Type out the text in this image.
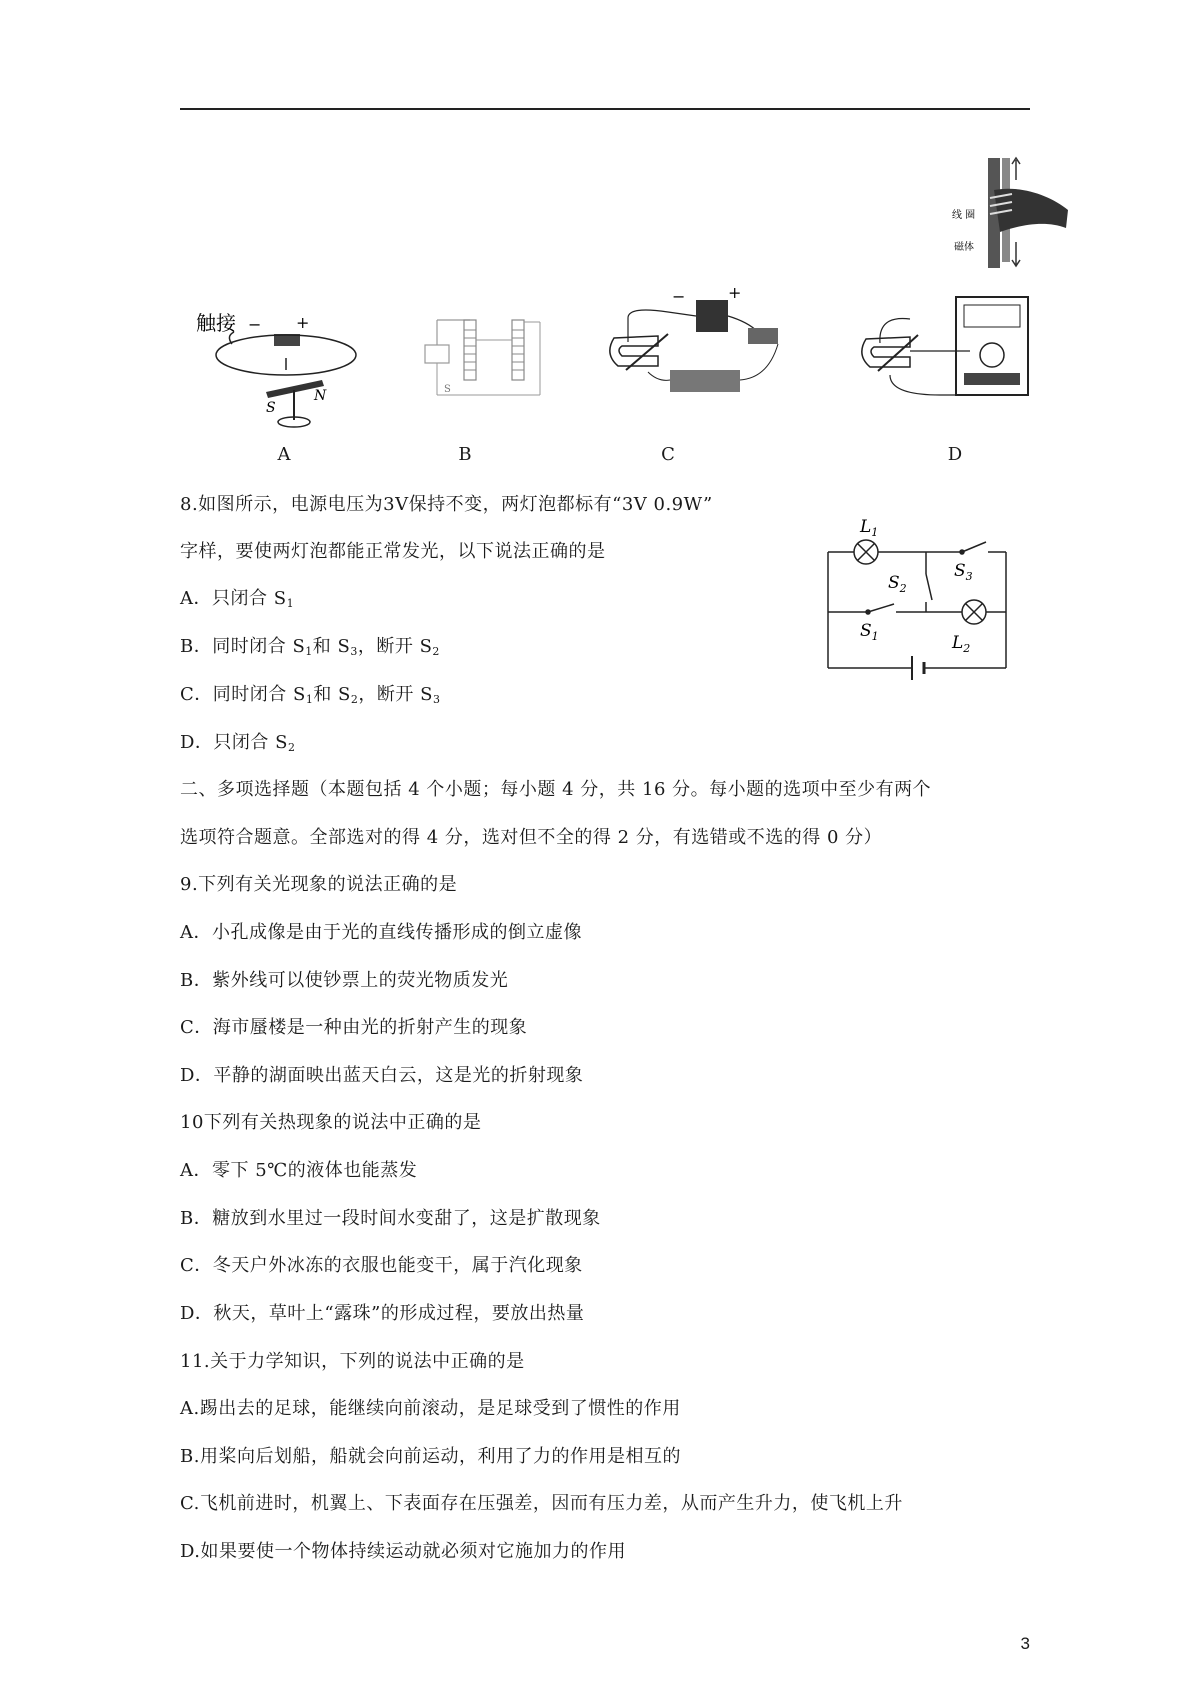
线 圈
磁体
触接 − +
S
N	S
−	+
A	B	C	D
$L_1$
$S_3$
$S_2$
$S_1$	$L_2$
8.如图所示，电源电压为3V保持不变，两灯泡都标有“3V 0.9W”
字样，要使两灯泡都能正常发光，以下说法正确的是
A．只闭合 $S_1$
B．同时闭合 $S_1$和 $S_3$，断开 $S_2$
C．同时闭合 $S_1$和 $S_2$，断开 $S_3$
D．只闭合 $S_2$
二、多项选择题（本题包括 4 个小题；每小题 4 分，共 16 分。每小题的选项中至少有两个
选项符合题意。全部选对的得 4 分，选对但不全的得 2 分，有选错或不选的得 0 分）
9.下列有关光现象的说法正确的是
A．小孔成像是由于光的直线传播形成的倒立虚像
B．紫外线可以使钞票上的荧光物质发光
C．海市蜃楼是一种由光的折射产生的现象
D．平静的湖面映出蓝天白云，这是光的折射现象
10下列有关热现象的说法中正确的是
A．零下 5℃的液体也能蒸发
B．糖放到水里过一段时间水变甜了，这是扩散现象
C．冬天户外冰冻的衣服也能变干，属于汽化现象
D．秋天，草叶上“露珠”的形成过程，要放出热量
11.关于力学知识，下列的说法中正确的是
A.踢出去的足球，能继续向前滚动，是足球受到了惯性的作用
B.用桨向后划船，船就会向前运动，利用了力的作用是相互的
C.飞机前进时，机翼上、下表面存在压强差，因而有压力差，从而产生升力，使飞机上升
D.如果要使一个物体持续运动就必须对它施加力的作用
3
